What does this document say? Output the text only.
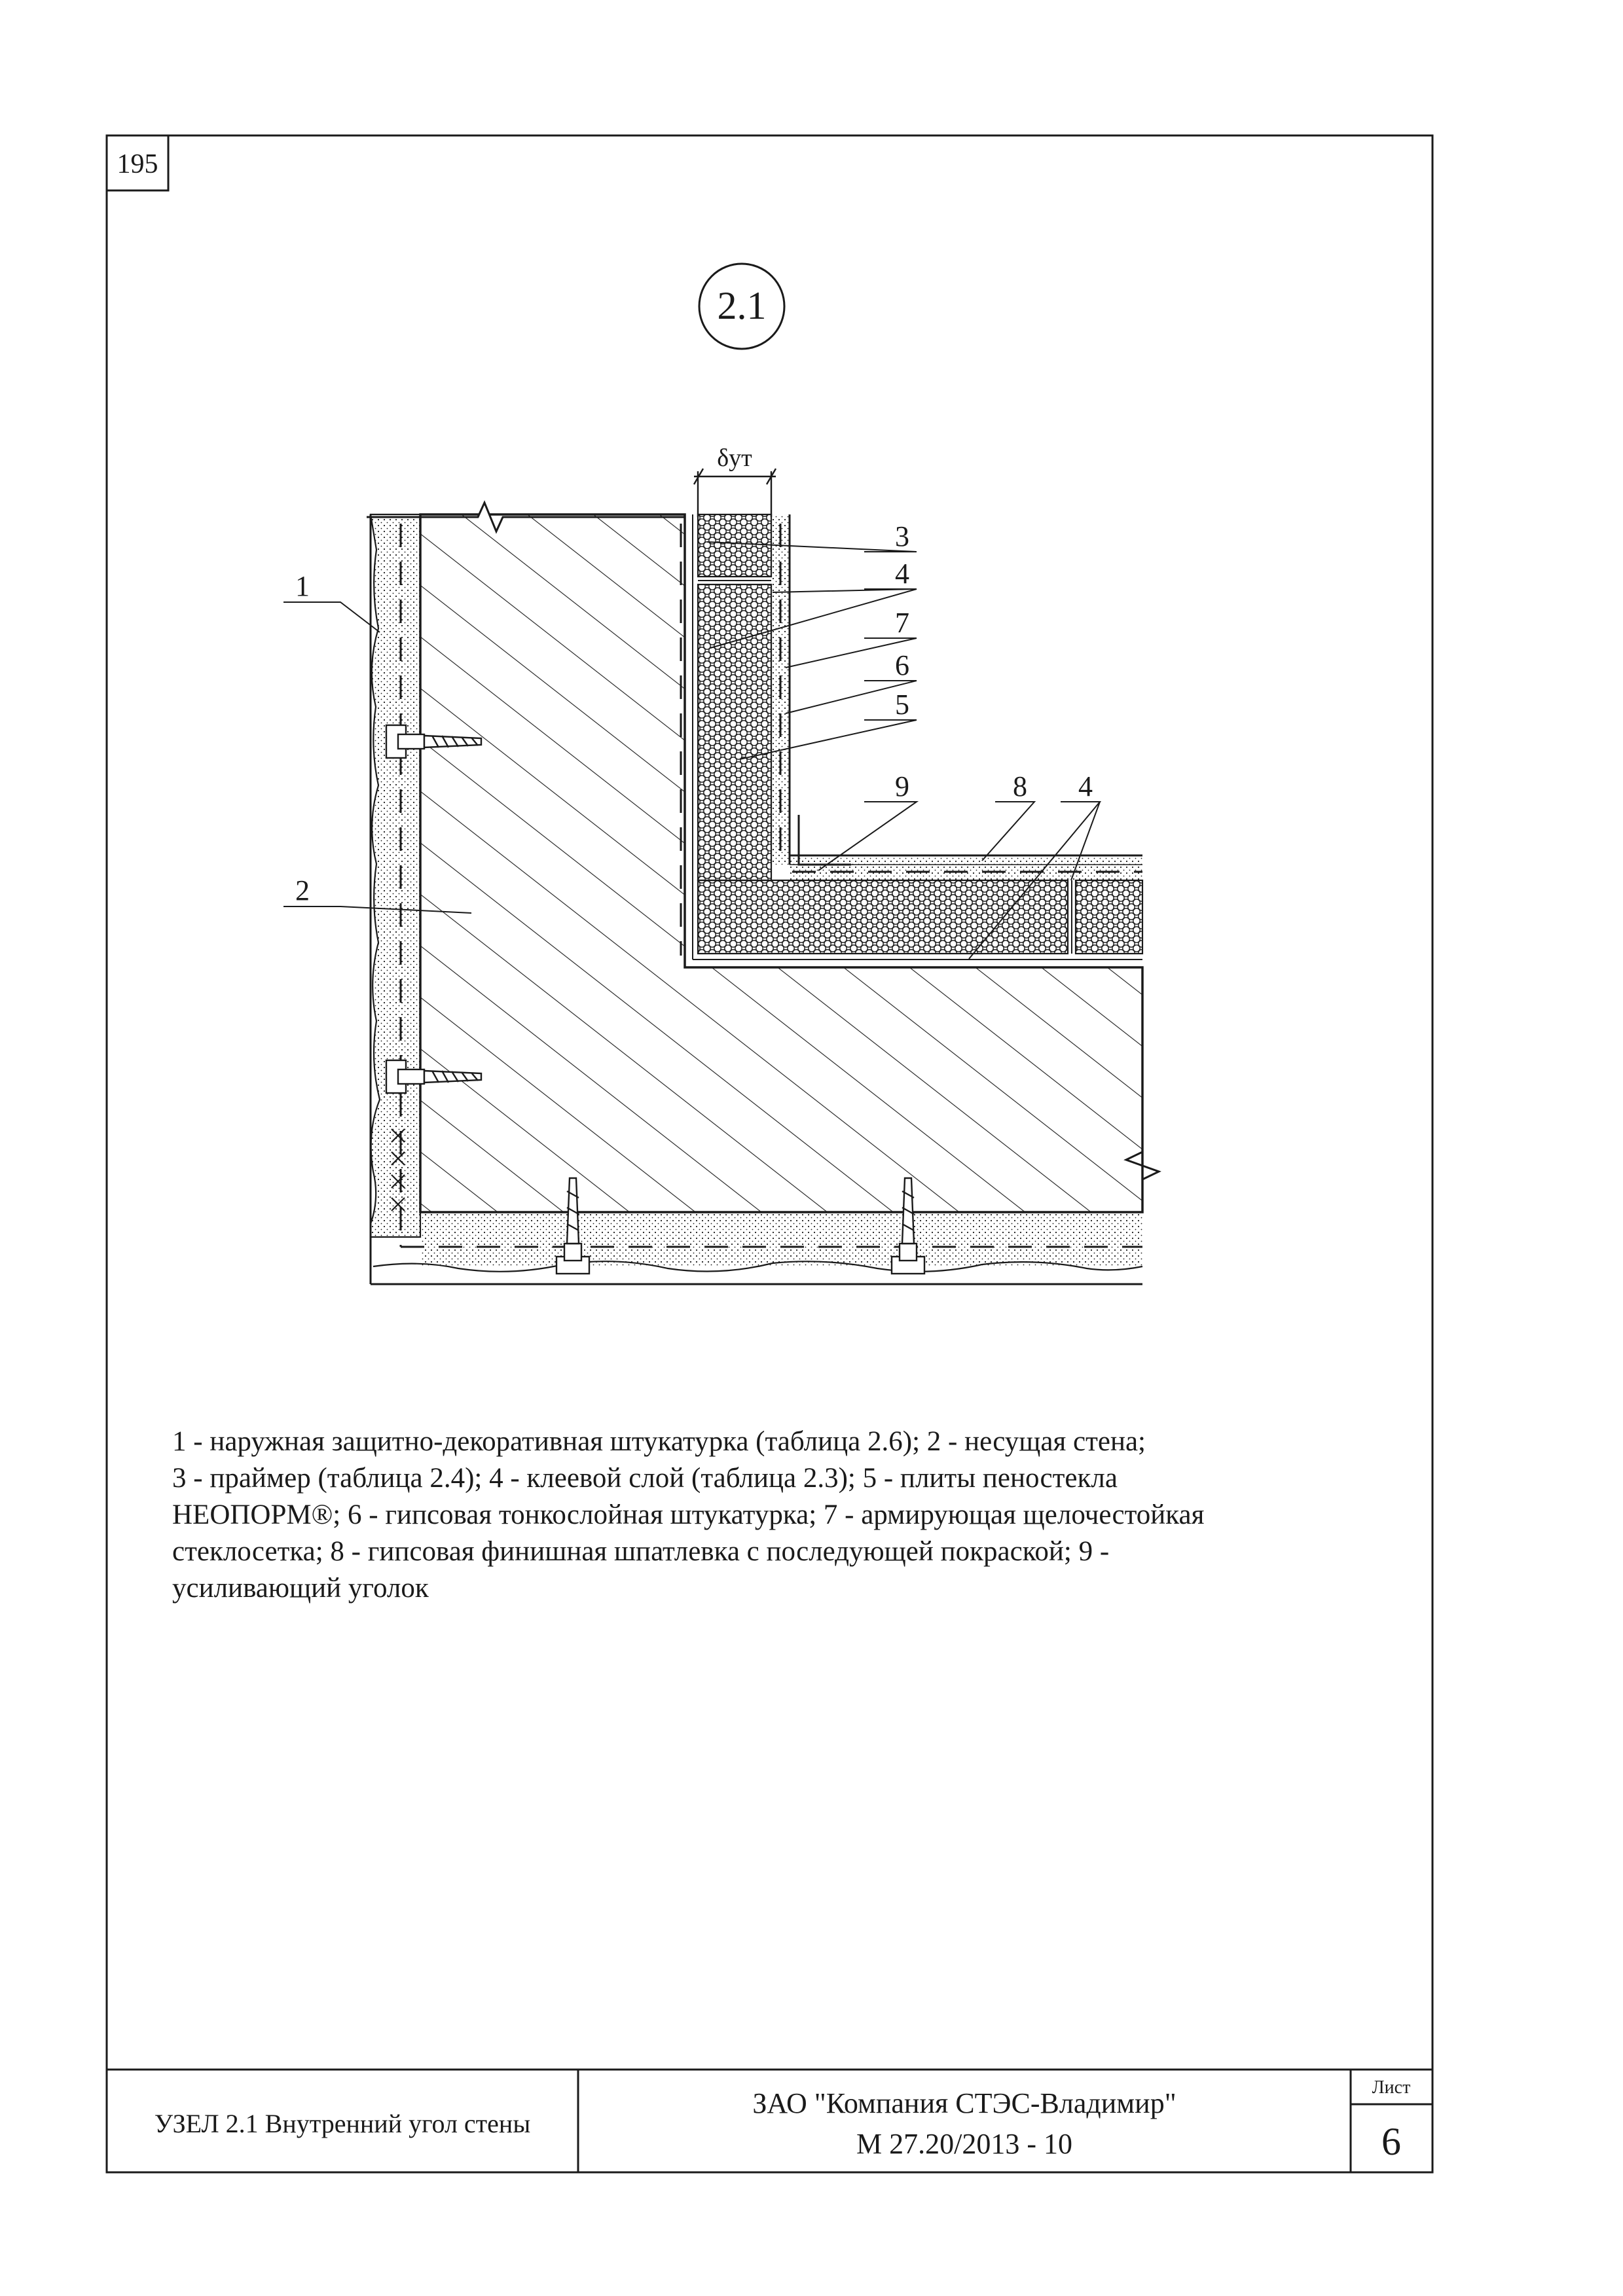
195
2.1
δут
1
2
3
4
7
6
5
9	8 4
УЗЕЛ 2.1 Внутренний угол стены
ЗАО "Компания СТЭС-Владимир"
М 27.20/2013 - 10
Лист
6
1 - наружная защитно-декоративная штукатурка (таблица 2.6); 2 - несущая стена;
3 - праймер (таблица 2.4); 4 - клеевой слой (таблица 2.3); 5 - плиты пеностекла
НЕОПОРМ®; 6 - гипсовая тонкослойная штукатурка; 7 - армирующая щелочестойкая
стеклосетка; 8 - гипсовая финишная шпатлевка с последующей покраской; 9 -
усиливающий уголок
